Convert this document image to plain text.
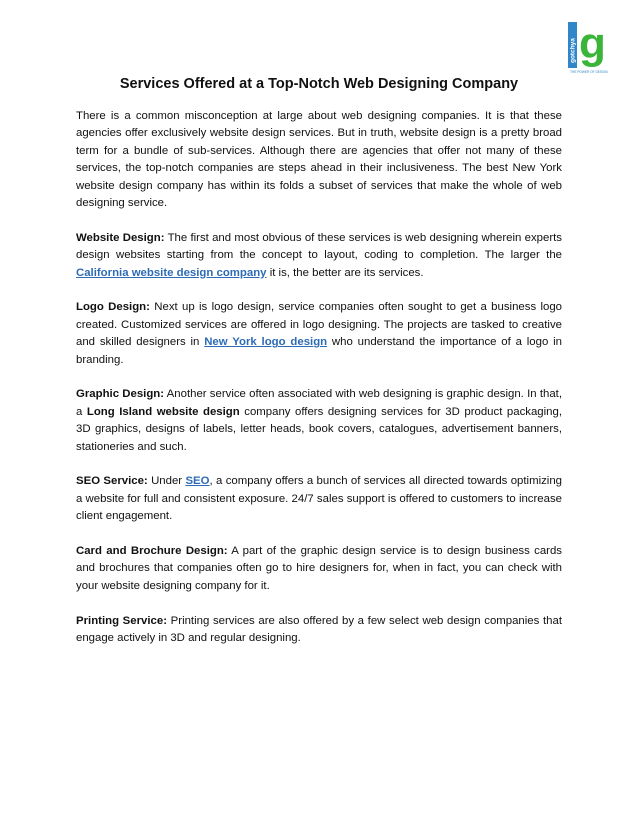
gotchya g
THE POWER OF DESIGN
Services Offered at a Top-Notch Web Designing Company

There is a common misconception at large about web designing companies. It is that these agencies offer exclusively website design services. But in truth, website design is a pretty broad term for a bundle of sub-services. Although there are agencies that offer not many of these services, the top-notch companies are steps ahead in their inclusiveness. The best New York website design company has within its folds a subset of services that make the whole of web designing service.

Website Design: The first and most obvious of these services is web designing wherein experts design websites starting from the concept to layout, coding to completion. The larger the California website design company it is, the better are its services.

Logo Design: Next up is logo design, service companies often sought to get a business logo created. Customized services are offered in logo designing. The projects are tasked to creative and skilled designers in New York logo design who understand the importance of a logo in branding.

Graphic Design: Another service often associated with web designing is graphic design. In that, a Long Island website design company offers designing services for 3D product packaging, 3D graphics, designs of labels, letter heads, book covers, catalogues, advertisement banners, stationeries and such.

SEO Service: Under SEO, a company offers a bunch of services all directed towards optimizing a website for full and consistent exposure. 24/7 sales support is offered to customers to increase client engagement.

Card and Brochure Design: A part of the graphic design service is to design business cards and brochures that companies often go to hire designers for, when in fact, you can check with your website designing company for it.

Printing Service: Printing services are also offered by a few select web design companies that engage actively in 3D and regular designing.
